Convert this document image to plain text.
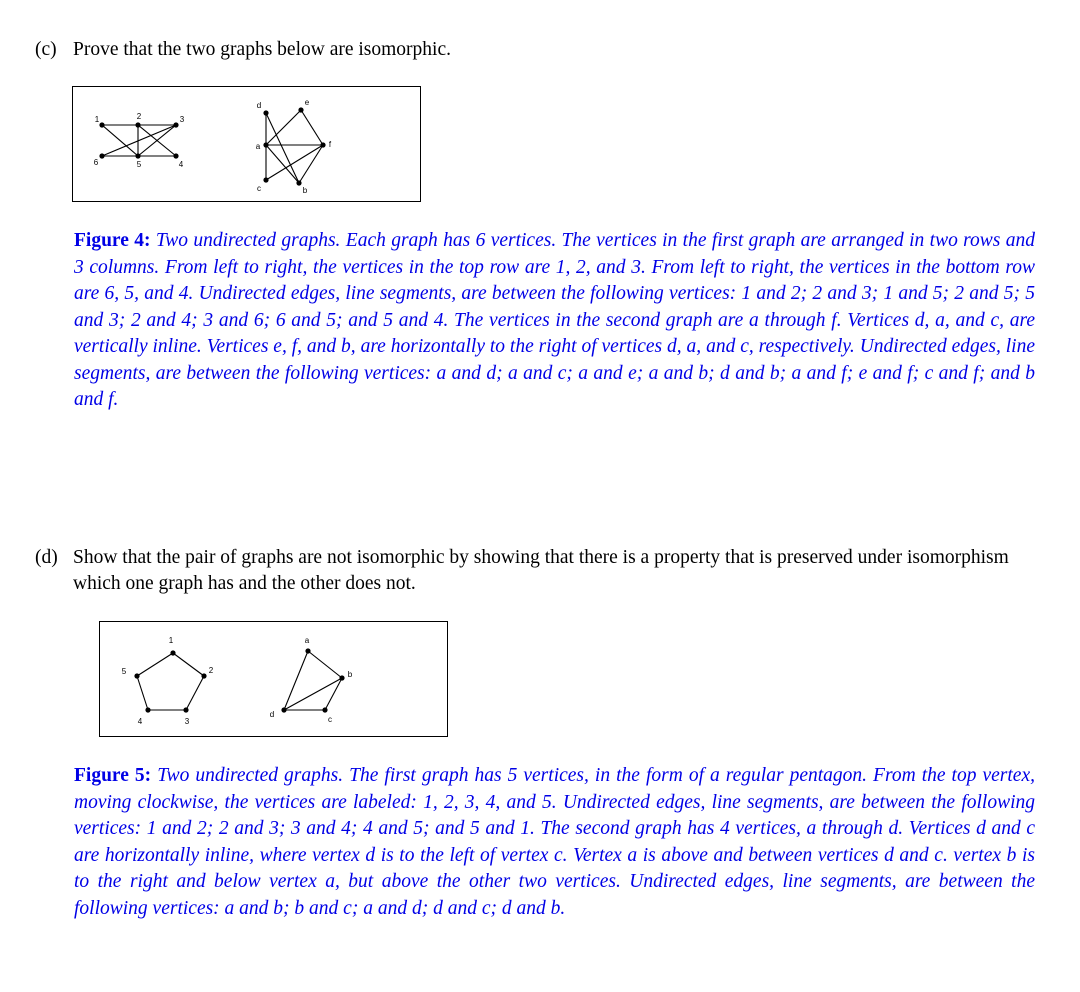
(c) Prove that the two graphs below are isomorphic.
1	2	3
4
5
6
d	e
a	f
c	b
Figure 4: Two undirected graphs. Each graph has 6 vertices. The vertices in the first graph are arranged in two rows and 3 columns. From left to right, the vertices in the top row are 1, 2, and 3. From left to right, the vertices in the bottom row are 6, 5, and 4. Undirected edges, line segments, are between the following vertices: 1 and 2; 2 and 3; 1 and 5; 2 and 5; 5 and 3; 2 and 4; 3 and 6; 6 and 5; and 5 and 4. The vertices in the second graph are a through f. Vertices d, a, and c, are vertically inline. Vertices e, f, and b, are horizontally to the right of vertices d, a, and c, respectively. Undirected edges, line segments, are between the following vertices: a and d; a and c; a and e; a and b; d and b; a and f; e and f; c and f; and b and f.
(d) Show that the pair of graphs are not isomorphic by showing that there is a property that is preserved under isomorphism which one graph has and the other does not.
1
2
3
4
5
a
b
c
d
Figure 5: Two undirected graphs. The first graph has 5 vertices, in the form of a regular pentagon. From the top vertex, moving clockwise, the vertices are labeled: 1, 2, 3, 4, and 5. Undirected edges, line segments, are between the following vertices: 1 and 2; 2 and 3; 3 and 4; 4 and 5; and 5 and 1. The second graph has 4 vertices, a through d. Vertices d and c are horizontally inline, where vertex d is to the left of vertex c. Vertex a is above and between vertices d and c. vertex b is to the right and below vertex a, but above the other two vertices. Undirected edges, line segments, are between the following vertices: a and b; b and c; a and d; d and c; d and b.
